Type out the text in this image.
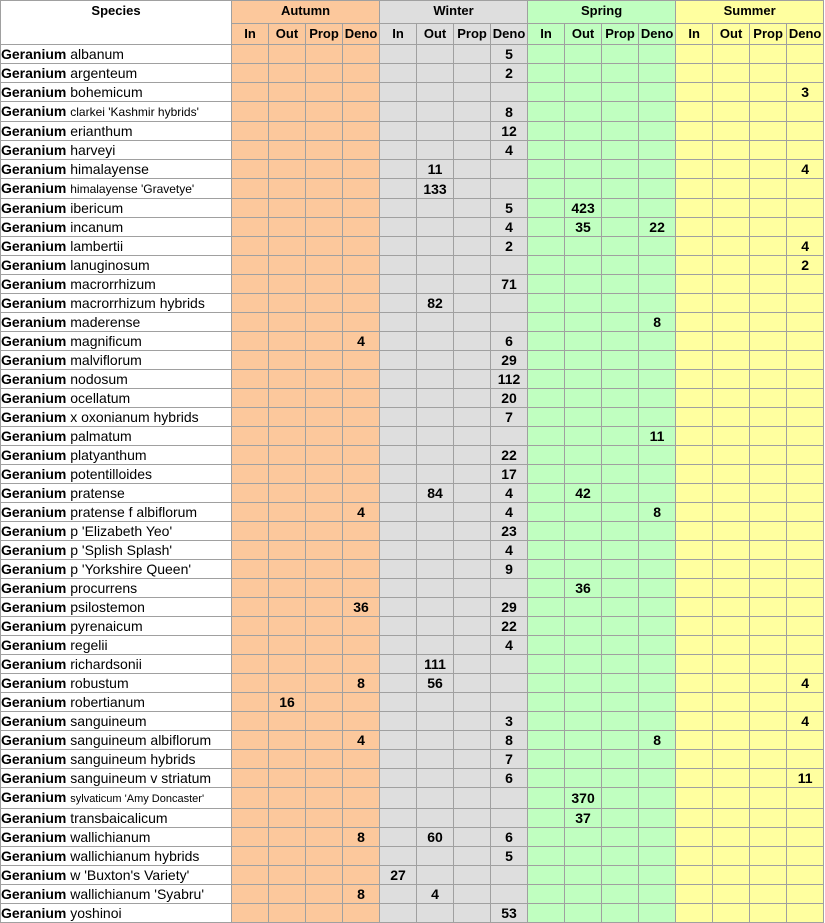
Species	Autumn				Winter				Spring				Summer			
	In	Out	Prop	Deno	In	Out	Prop	Deno	In	Out	Prop	Deno	In	Out	Prop	Deno
Geranium albanum								5								
Geranium argenteum								2								
Geranium bohemicum																3
Geranium clarkei 'Kashmir hybrids'								8								
Geranium erianthum								12								
Geranium harveyi								4								
Geranium himalayense						11										4
Geranium himalayense 'Gravetye'						133										
Geranium ibericum								5		423						
Geranium incanum								4		35		22				
Geranium lambertii								2								4
Geranium lanuginosum																2
Geranium macrorrhizum								71								
Geranium macrorrhizum hybrids						82										
Geranium maderense												8				
Geranium magnificum				4				6								
Geranium malviflorum								29								
Geranium nodosum								112								
Geranium ocellatum								20								
Geranium x oxonianum hybrids								7								
Geranium palmatum												11				
Geranium platyanthum								22								
Geranium potentilloides								17								
Geranium pratense						84		4		42						
Geranium pratense f albiflorum				4				4				8				
Geranium p 'Elizabeth Yeo'								23								
Geranium p 'Splish Splash'								4								
Geranium p 'Yorkshire Queen'								9								
Geranium procurrens										36						
Geranium psilostemon				36				29								
Geranium pyrenaicum								22								
Geranium regelii								4								
Geranium richardsonii						111										
Geranium robustum				8		56										4
Geranium robertianum		16														
Geranium sanguineum								3								4
Geranium sanguineum albiflorum				4				8				8				
Geranium sanguineum hybrids								7								
Geranium sanguineum v striatum								6								11
Geranium sylvaticum 'Amy Doncaster'										370						
Geranium transbaicalicum										37						
Geranium wallichianum				8		60		6								
Geranium wallichianum hybrids								5								
Geranium w 'Buxton's Variety'					27											
Geranium wallichianum 'Syabru'				8		4										
Geranium yoshinoi								53								
